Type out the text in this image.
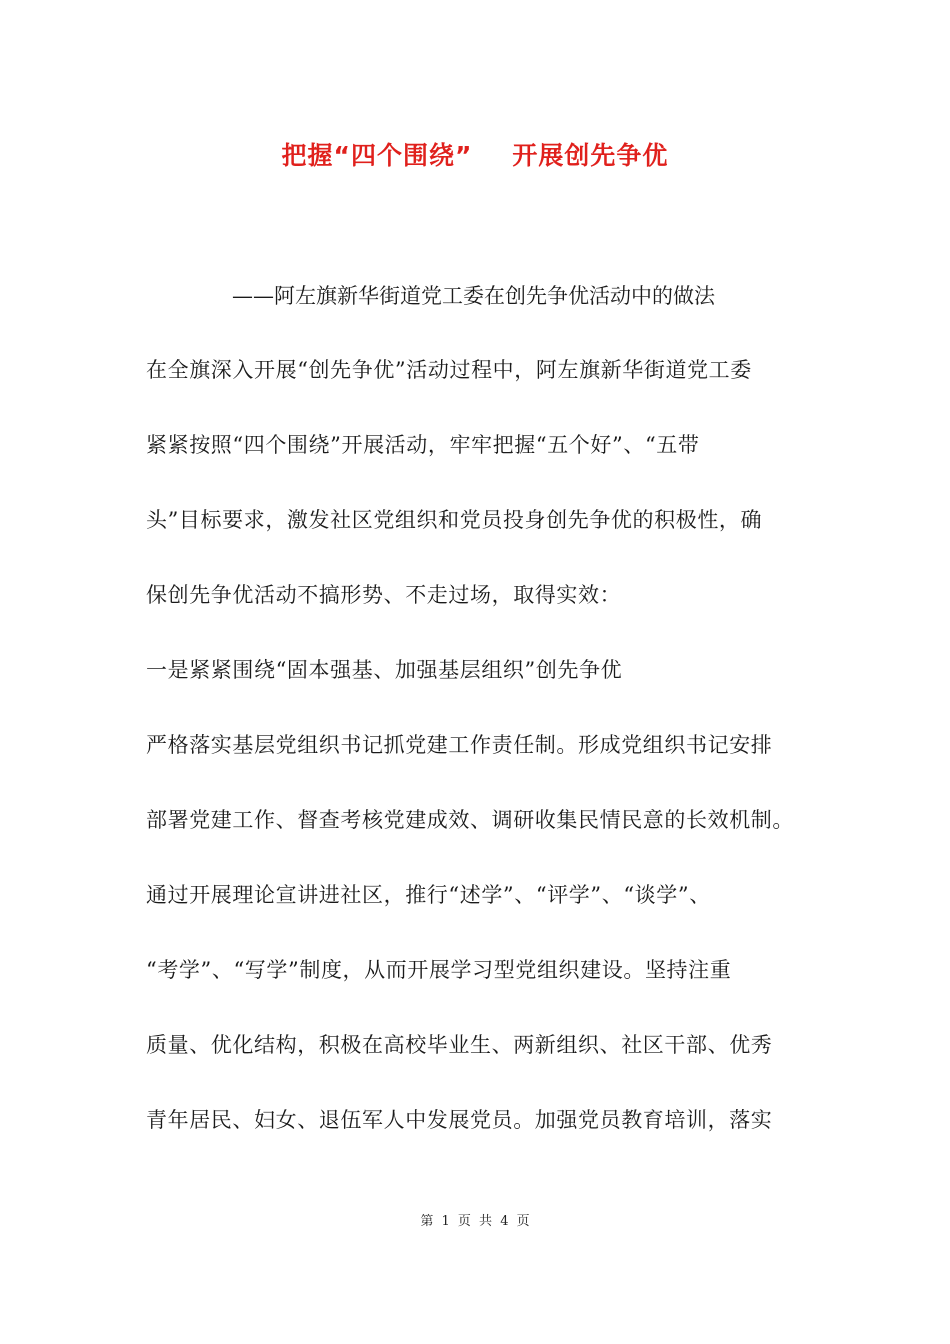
把握“四个围绕” 开展创先争优
——阿左旗新华街道党工委在创先争优活动中的做法
在全旗深入开展“创先争优”活动过程中，阿左旗新华街道党工委
紧紧按照“四个围绕”开展活动，牢牢把握“五个好”、“五带
头”目标要求，激发社区党组织和党员投身创先争优的积极性，确
保创先争优活动不搞形势、不走过场，取得实效：
一是紧紧围绕“固本强基、加强基层组织”创先争优
严格落实基层党组织书记抓党建工作责任制。形成党组织书记安排
部署党建工作、督查考核党建成效、调研收集民情民意的长效机制。
通过开展理论宣讲进社区，推行“述学”、“评学”、“谈学”、
“考学”、“写学”制度，从而开展学习型党组织建设。坚持注重
质量、优化结构，积极在高校毕业生、两新组织、社区干部、优秀
青年居民、妇女、退伍军人中发展党员。加强党员教育培训，落实
第 1 页 共 4 页
